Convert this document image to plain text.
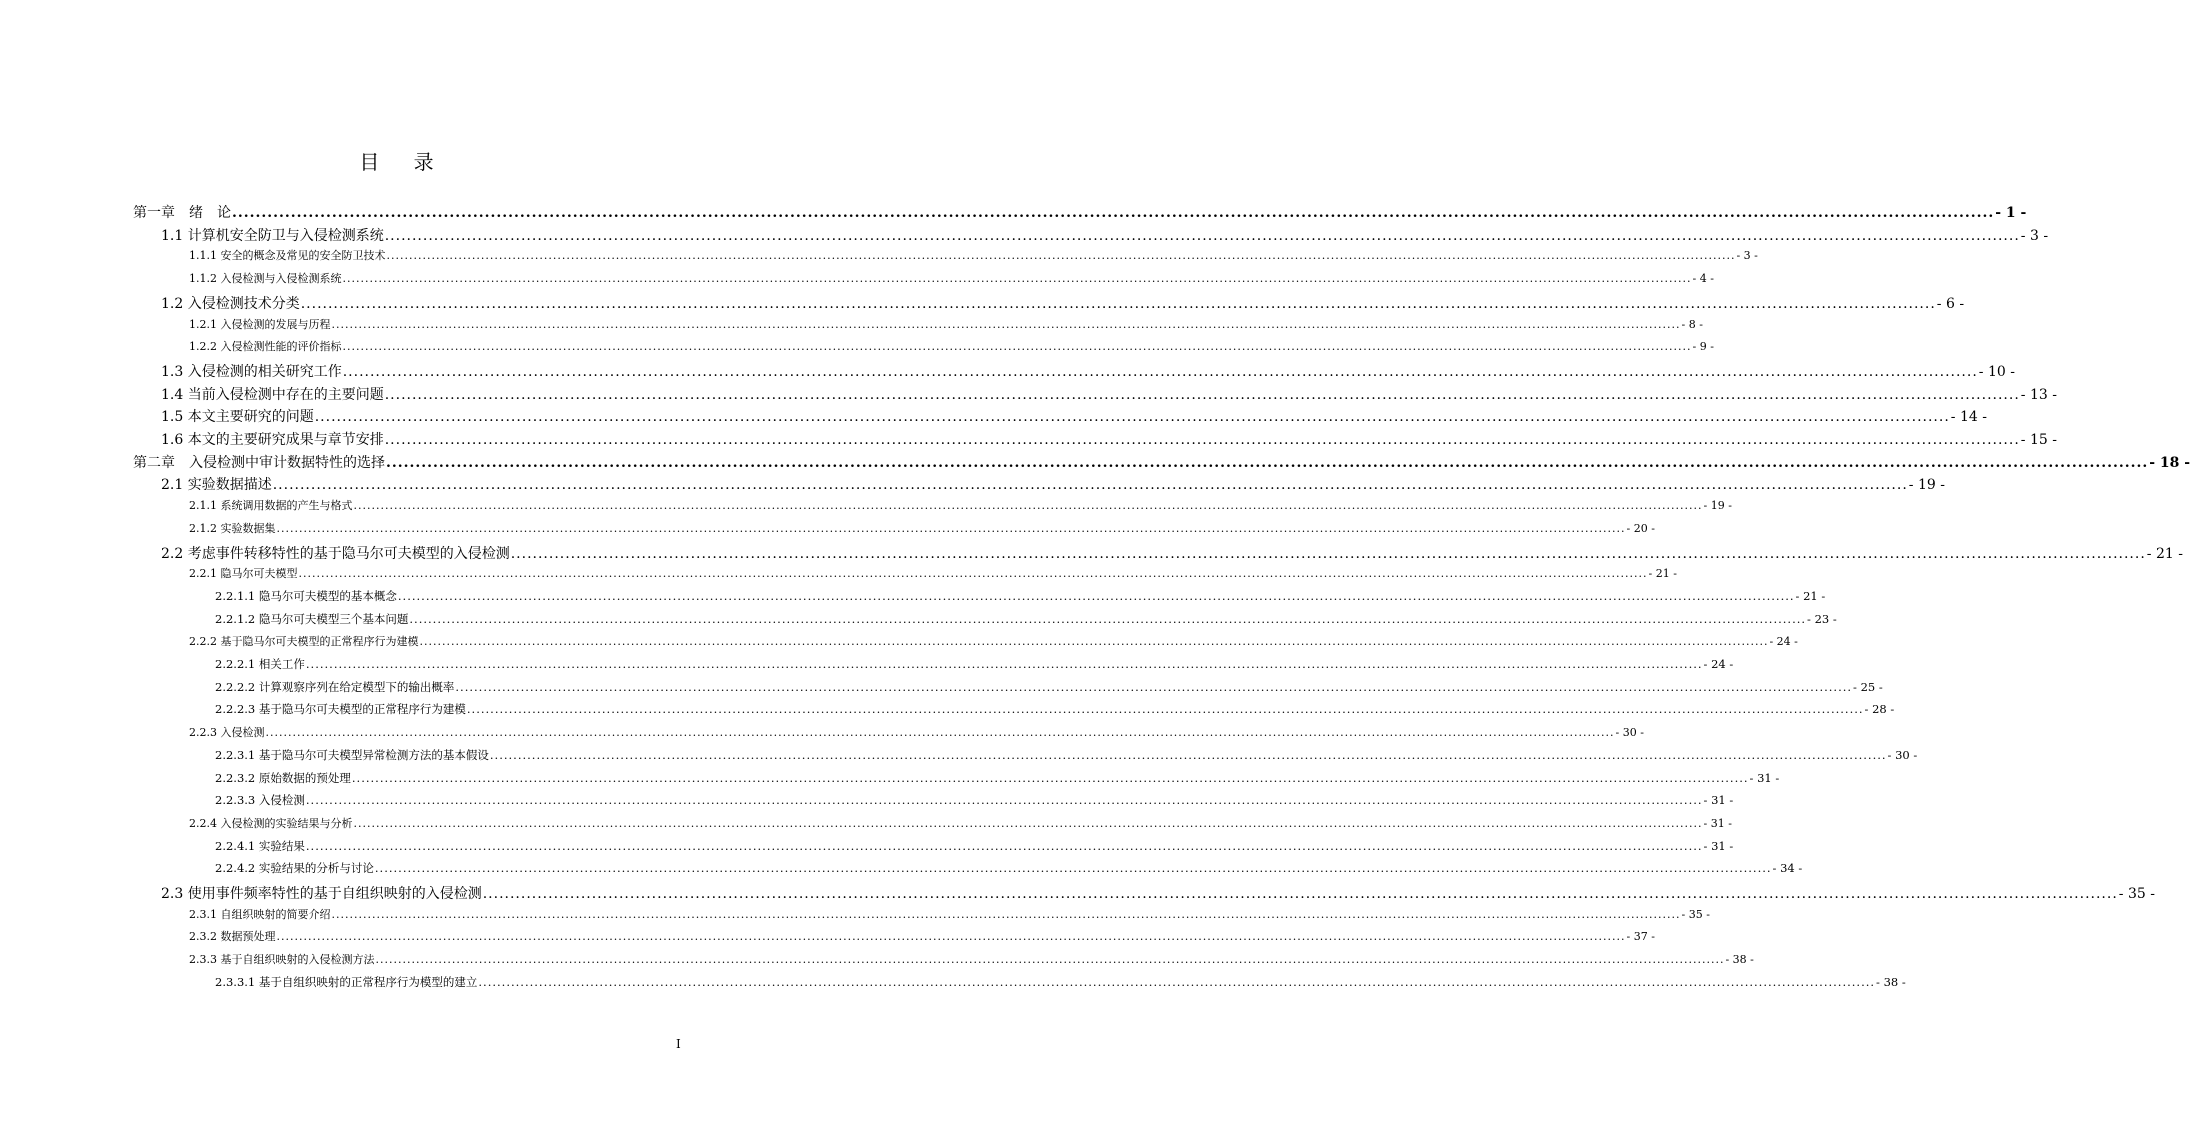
目 录
第一章　绪　论 ............................................................................................................................................................................................................................................................................................................ - 1 -
1.1 计算机安全防卫与入侵检测系统 ............................................................................................................................................................................................................................................................................................................ - 3 -
1.1.1 安全的概念及常见的安全防卫技术 ............................................................................................................................................................................................................................................................................................................ - 3 -
1.1.2 入侵检测与入侵检测系统 ............................................................................................................................................................................................................................................................................................................ - 4 -
1.2 入侵检测技术分类 ............................................................................................................................................................................................................................................................................................................ - 6 -
1.2.1 入侵检测的发展与历程 ............................................................................................................................................................................................................................................................................................................ - 8 -
1.2.2 入侵检测性能的评价指标 ............................................................................................................................................................................................................................................................................................................ - 9 -
1.3 入侵检测的相关研究工作 ............................................................................................................................................................................................................................................................................................................ - 10 -
1.4 当前入侵检测中存在的主要问题 ............................................................................................................................................................................................................................................................................................................ - 13 -
1.5 本文主要研究的问题 ............................................................................................................................................................................................................................................................................................................ - 14 -
1.6 本文的主要研究成果与章节安排 ............................................................................................................................................................................................................................................................................................................ - 15 -
第二章　入侵检测中审计数据特性的选择 ............................................................................................................................................................................................................................................................................................................ - 18 -
2.1 实验数据描述 ............................................................................................................................................................................................................................................................................................................ - 19 -
2.1.1 系统调用数据的产生与格式 ............................................................................................................................................................................................................................................................................................................ - 19 -
2.1.2 实验数据集 ............................................................................................................................................................................................................................................................................................................ - 20 -
2.2 考虑事件转移特性的基于隐马尔可夫模型的入侵检测 ............................................................................................................................................................................................................................................................................................................ - 21 -
2.2.1 隐马尔可夫模型 ............................................................................................................................................................................................................................................................................................................ - 21 -
2.2.1.1 隐马尔可夫模型的基本概念 ............................................................................................................................................................................................................................................................................................................ - 21 -
2.2.1.2 隐马尔可夫模型三个基本问题 ............................................................................................................................................................................................................................................................................................................ - 23 -
2.2.2 基于隐马尔可夫模型的正常程序行为建模 ............................................................................................................................................................................................................................................................................................................ - 24 -
2.2.2.1 相关工作 ............................................................................................................................................................................................................................................................................................................ - 24 -
2.2.2.2 计算观察序列在给定模型下的输出概率 ............................................................................................................................................................................................................................................................................................................ - 25 -
2.2.2.3 基于隐马尔可夫模型的正常程序行为建模 ............................................................................................................................................................................................................................................................................................................ - 28 -
2.2.3 入侵检测 ............................................................................................................................................................................................................................................................................................................ - 30 -
2.2.3.1 基于隐马尔可夫模型异常检测方法的基本假设 ............................................................................................................................................................................................................................................................................................................ - 30 -
2.2.3.2 原始数据的预处理 ............................................................................................................................................................................................................................................................................................................ - 31 -
2.2.3.3 入侵检测 ............................................................................................................................................................................................................................................................................................................ - 31 -
2.2.4 入侵检测的实验结果与分析 ............................................................................................................................................................................................................................................................................................................ - 31 -
2.2.4.1 实验结果 ............................................................................................................................................................................................................................................................................................................ - 31 -
2.2.4.2 实验结果的分析与讨论 ............................................................................................................................................................................................................................................................................................................ - 34 -
2.3 使用事件频率特性的基于自组织映射的入侵检测 ............................................................................................................................................................................................................................................................................................................ - 35 -
2.3.1 自组织映射的简要介绍 ............................................................................................................................................................................................................................................................................................................ - 35 -
2.3.2 数据预处理 ............................................................................................................................................................................................................................................................................................................ - 37 -
2.3.3 基于自组织映射的入侵检测方法 ............................................................................................................................................................................................................................................................................................................ - 38 -
2.3.3.1 基于自组织映射的正常程序行为模型的建立 ............................................................................................................................................................................................................................................................................................................ - 38 -
I
